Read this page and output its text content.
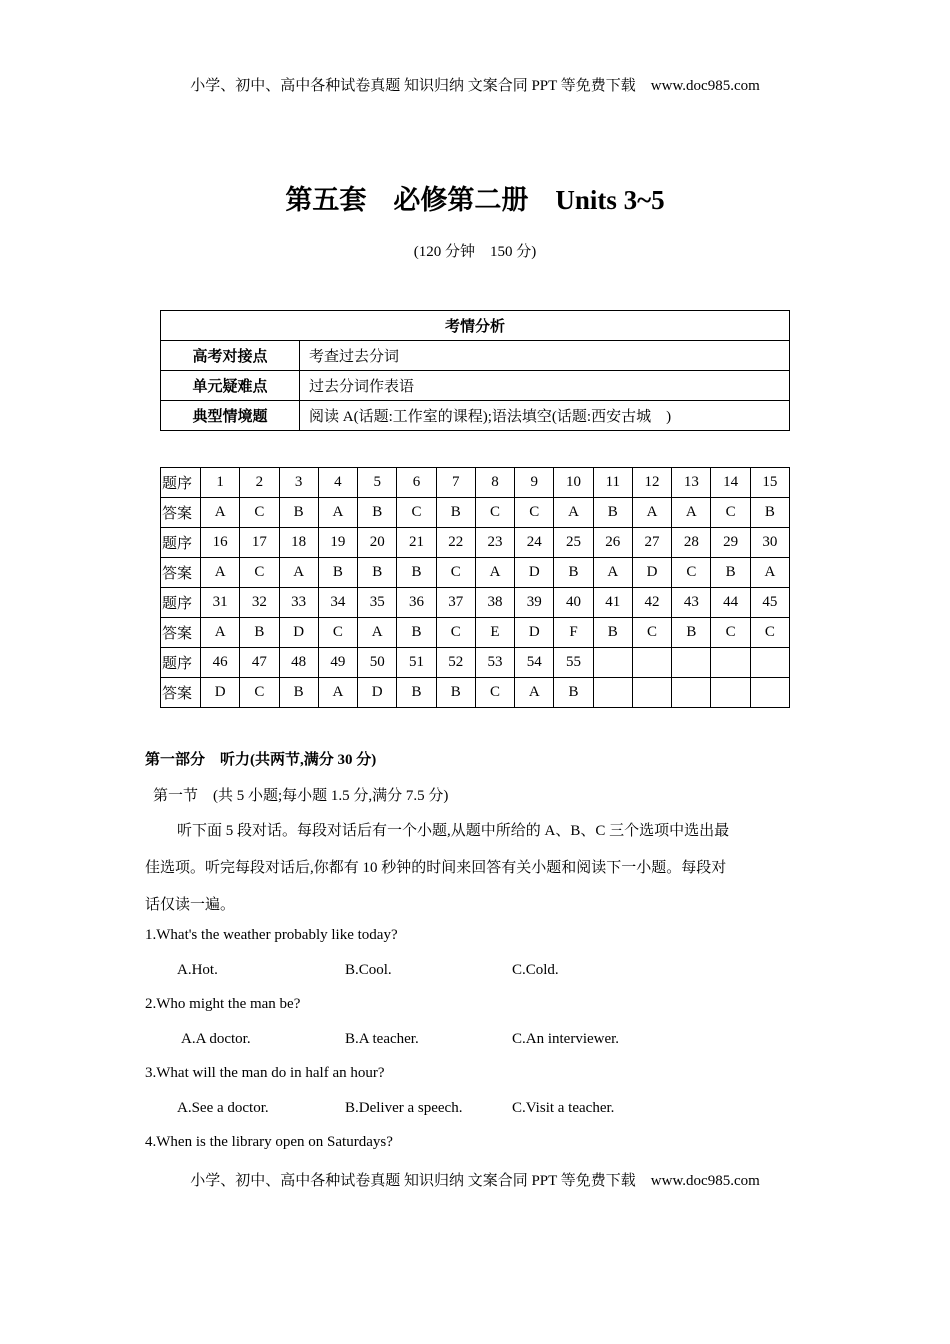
小学、初中、高中各种试卷真题 知识归纳 文案合同 PPT 等免费下载　www.doc985.com
第五套　必修第二册　Units 3~5
(120 分钟　150 分)
考情分析	
高考对接点	考查过去分词
单元疑难点	过去分词作表语
典型情境题	阅读 A(话题:工作室的课程);语法填空(话题:西安古城　)
题序	1	2	3	4	5	6	7	8	9	10	11	12	13	14	15
答案	A	C	B	A	B	C	B	C	C	A	B	A	A	C	B
题序	16	17	18	19	20	21	22	23	24	25	26	27	28	29	30
答案	A	C	A	B	B	B	C	A	D	B	A	D	C	B	A
题序	31	32	33	34	35	36	37	38	39	40	41	42	43	44	45
答案	A	B	D	C	A	B	C	E	D	F	B	C	B	C	C
题序	46	47	48	49	50	51	52	53	54	55					
答案	D	C	B	A	D	B	B	C	A	B					
第一部分　听力(共两节,满分 30 分)
第一节　(共 5 小题;每小题 1.5 分,满分 7.5 分)
听下面 5 段对话。每段对话后有一个小题,从题中所给的 A、B、C 三个选项中选出最
佳选项。听完每段对话后,你都有 10 秒钟的时间来回答有关小题和阅读下一小题。每段对
话仅读一遍。
1.What's the weather probably like today?
A.Hot.	B.Cool.	C.Cold.
2.Who might the man be?
A.A doctor.	B.A teacher.	C.An interviewer.
3.What will the man do in half an hour?
A.See a doctor.	B.Deliver a speech.	C.Visit a teacher.
4.When is the library open on Saturdays?
小学、初中、高中各种试卷真题 知识归纳 文案合同 PPT 等免费下载　www.doc985.com
